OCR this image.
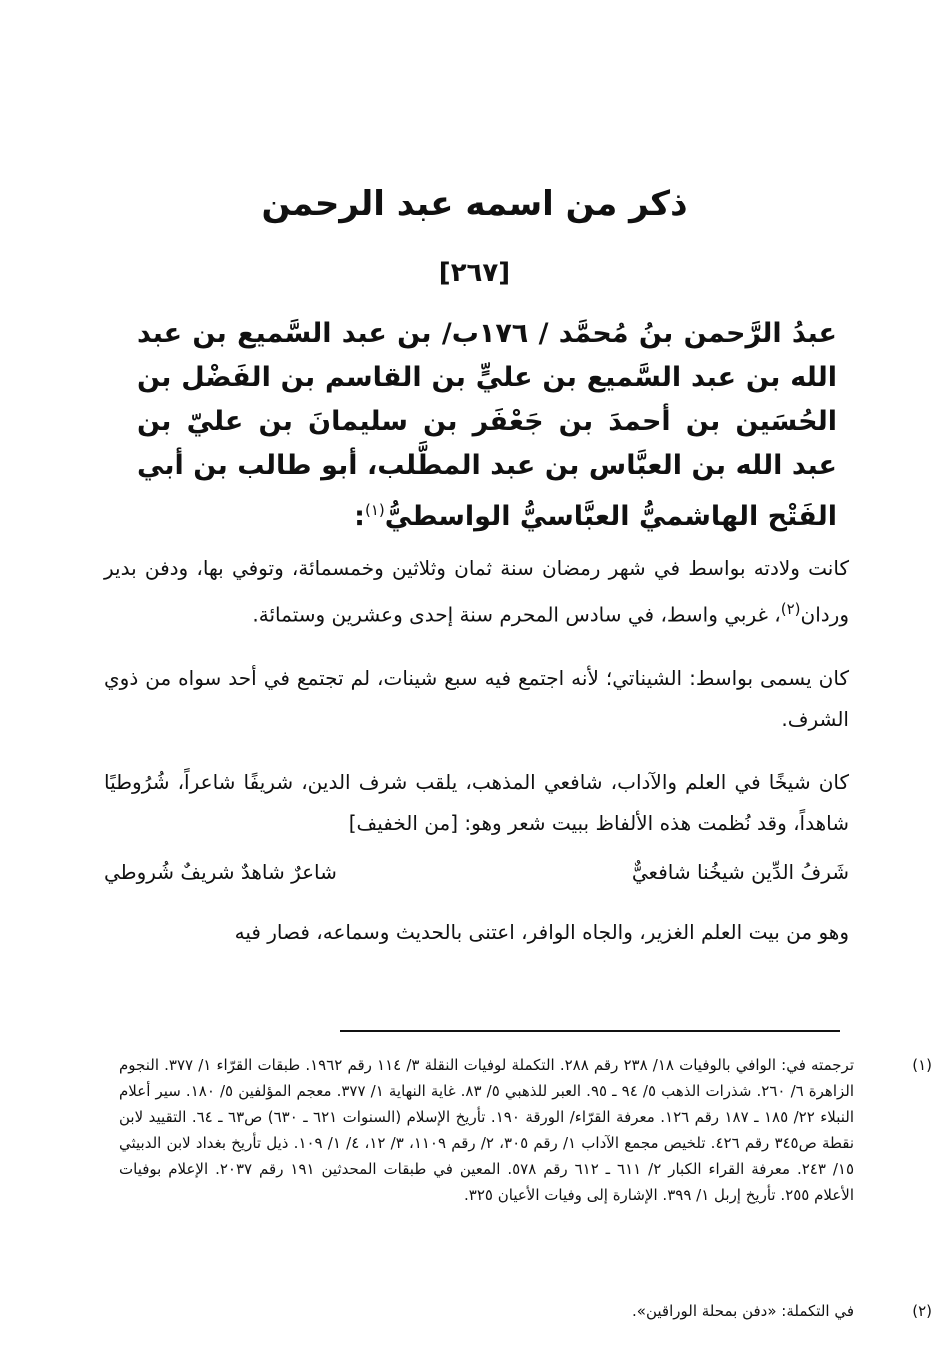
ذكر من اسمه عبد الرحمن
[٢٦٧]
عبدُ الرَّحمن بنُ مُحمَّد / ١٧٦ب/ بن عبد السَّميع بن عبد الله بن عبد السَّميع بن عليٍّ بن القاسم بن الفَضْل بن الحُسَين بن أحمدَ بن جَعْفَر بن سليمانَ بن عليّ بن عبد الله بن العبَّاس بن عبد المطَّلب، أبو طالب بن أبي الفَتْح الهاشميُّ العبَّاسيُّ الواسطيُّ$^{(١)}$:
كانت ولادته بواسط في شهر رمضان سنة ثمان وثلاثين وخمسمائة، وتوفي بها، ودفن بدير وردان$^{(٢)}$، غربي واسط، في سادس المحرم سنة إحدى وعشرين وستمائة.
كان يسمى بواسط: الشيناتي؛ لأنه اجتمع فيه سبع شينات، لم تجتمع في أحد سواه من ذوي الشرف.
كان شيخًا في العلم والآداب، شافعي المذهب، يلقب شرف الدين، شريفًا شاعراً، شُرُوطيًا شاهداً، وقد نُظمت هذه الألفاظ ببيت شعر وهو: [من الخفيف]
شَرفُ الدِّين شيخُنا شافعيٌّ
شاعرٌ شاهدٌ شريفٌ شُروطي
وهو من بيت العلم الغزير، والجاه الوافر، اعتنى بالحديث وسماعه، فصار فيه
(١)
ترجمته في: الوافي بالوفيات ١٨/ ٢٣٨ رقم ٢٨٨. التكملة لوفيات النقلة ٣/ ١١٤ رقم ١٩٦٢. طبقات القرّاء ١/ ٣٧٧. النجوم الزاهرة ٦/ ٢٦٠. شذرات الذهب ٥/ ٩٤ ـ ٩٥. العبر للذهبي ٥/ ٨٣. غاية النهاية ١/ ٣٧٧. معجم المؤلفين ٥/ ١٨٠. سير أعلام النبلاء ٢٢/ ١٨٥ ـ ١٨٧ رقم ١٢٦. معرفة القرّاء/ الورقة ١٩٠. تأريخ الإسلام (السنوات ٦٢١ ـ ٦٣٠) ص٦٣ ـ ٦٤. التقييد لابن نقطة ص٣٤٥ رقم ٤٢٦. تلخيص مجمع الآداب ١/ رقم ٣٠٥، ٢/ رقم ١١٠٩، ٣/ ١٢، ٤/ ١/ ١٠٩. ذيل تأريخ بغداد لابن الدبيثي ١٥/ ٢٤٣. معرفة القراء الكبار ٢/ ٦١١ ـ ٦١٢ رقم ٥٧٨. المعين في طبقات المحدثين ١٩١ رقم ٢٠٣٧. الإعلام بوفيات الأعلام ٢٥٥. تأريخ إربل ١/ ٣٩٩. الإشارة إلى وفيات الأعيان ٣٢٥.
(٢)
في التكملة: «دفن بمحلة الوراقين».
